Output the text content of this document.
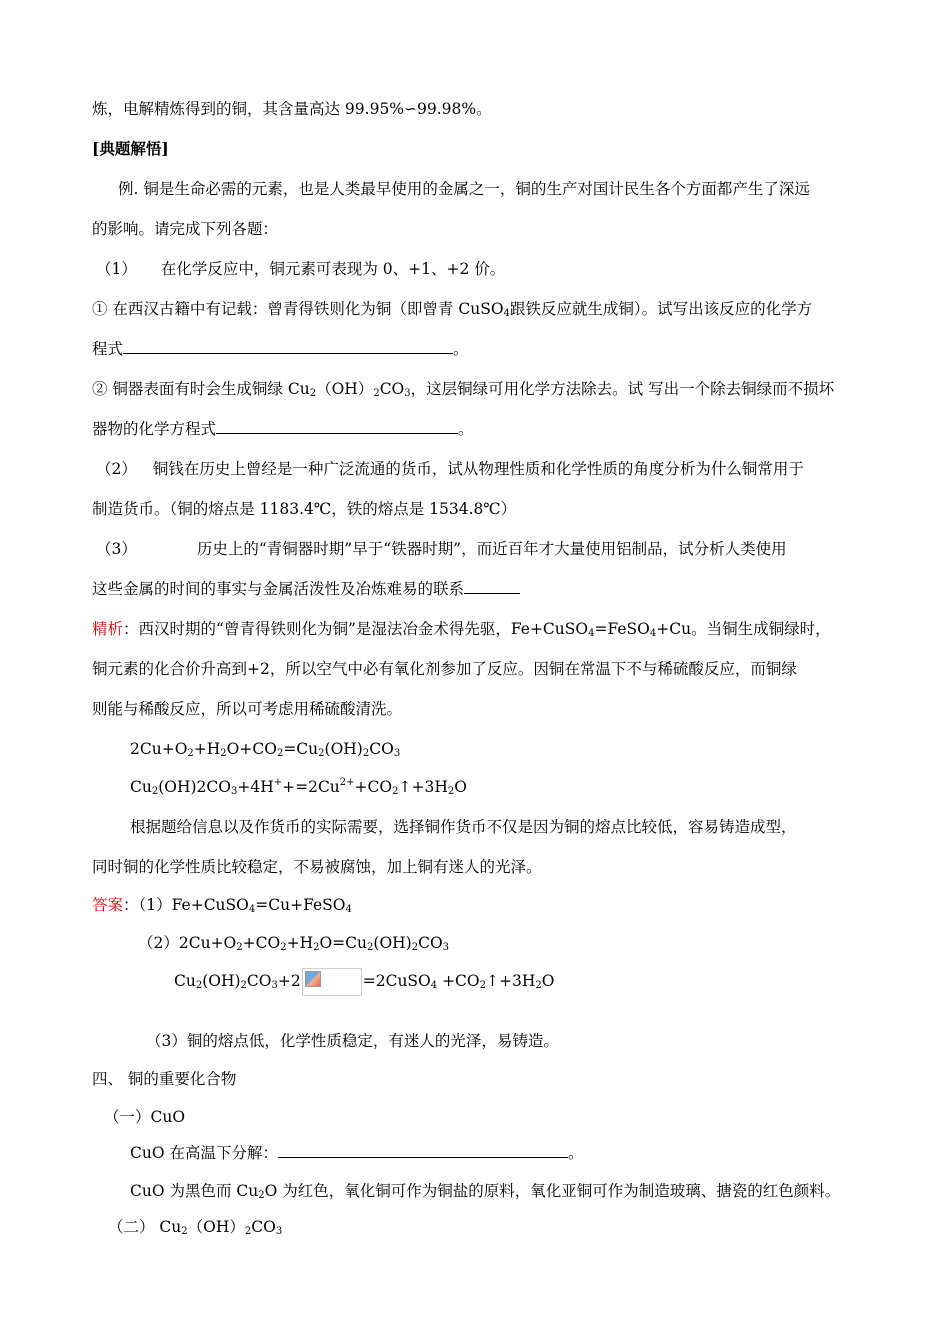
炼，电解精炼得到的铜，其含量高达 99.95%∽99.98%。
[典题解悟]
例. 铜是生命必需的元素，也是人类最早使用的金属之一，铜的生产对国计民生各个方面都产生了深远
的影响。请完成下列各题：
（1） 在化学反应中，铜元素可表现为 0、+1、+2 价。
① 在西汉古籍中有记载：曾青得铁则化为铜（即曾青 CuSO$_4$跟铁反应就生成铜）。试写出该反应的化学方
程式	。
② 铜器表面有时会生成铜绿 $Cu_2(OH)_2CO_3$，这层铜绿可用化学方法除去。试 写出一个除去铜绿而不损坏
器物的化学方程式	。
（2） 铜钱在历史上曾经是一种广泛流通的货币，试从物理性质和化学性质的角度分析为什么铜常用于
制造货币。（铜的熔点是 1183.4℃，铁的熔点是 1534.8℃）
（3）	历史上的“青铜器时期”早于“铁器时期”，而近百年才大量使用铝制品，试分析人类使用
这些金属的时间的事实与金属活泼性及冶炼难易的联系
精析：西汉时期的“曾青得铁则化为铜”是湿法冶金术得先驱，Fe+CuSO$_4$=FeSO$_4$+Cu。当铜生成铜绿时，
铜元素的化合价升高到+2，所以空气中必有氧化剂参加了反应。因铜在常温下不与稀硫酸反应，而铜绿
则能与稀酸反应，所以可考虑用稀硫酸清洗。
$2Cu+O_2+H_2O+CO_2=Cu_2(OH)_2CO_3$
$Cu_2(OH)2CO_3+4H^++=2Cu^{2+}+CO_2↑+3H_2O$
根据题给信息以及作货币的实际需要，选择铜作货币不仅是因为铜的熔点比较低，容易铸造成型，
同时铜的化学性质比较稳定，不易被腐蚀，加上铜有迷人的光泽。
答案：（1）Fe+CuSO$_4$=Cu+FeSO$_4$
$(2)2Cu+O_2+CO_2+H_2O=Cu_2(OH)_2CO_3$
$Cu_2(OH)_2CO_3+2$	=2CuSO$_4$ $+CO_2↑+3H_2O$
（3）铜的熔点低，化学性质稳定，有迷人的光泽，易铸造。
四、 铜的重要化合物
（一）CuO
CuO 在高温下分解：	。
CuO 为黑色而 $Cu_2O$ 为红色，氧化铜可作为铜盐的原料，氧化亚铜可作为制造玻璃、搪瓷的红色颜料。
（二） $Cu_2(OH)_2CO_3$
